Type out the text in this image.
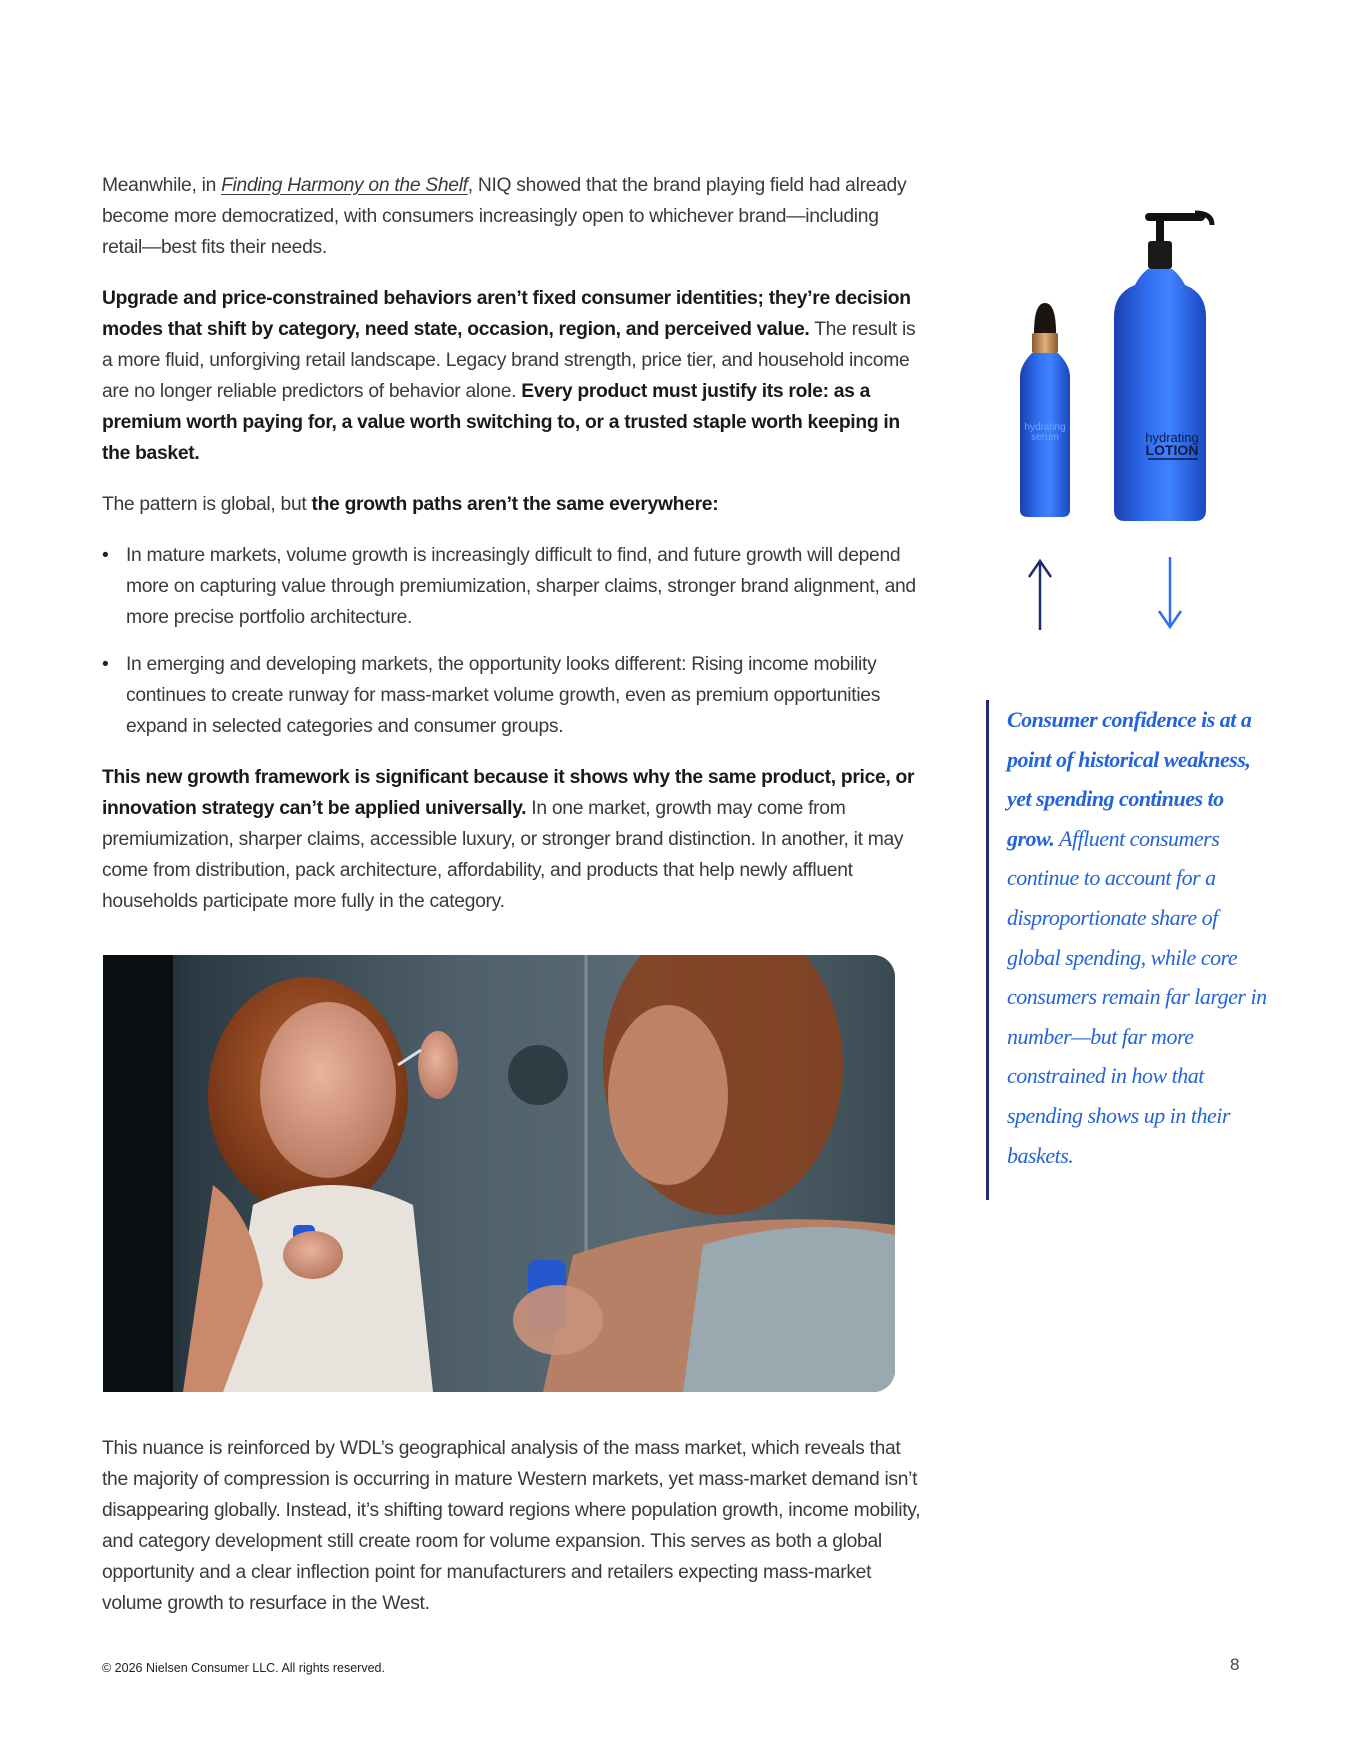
Meanwhile, in Finding Harmony on the Shelf, NIQ showed that the brand playing field had already become more democratized, with consumers increasingly open to whichever brand—including retail—best fits their needs.

Upgrade and price-constrained behaviors aren’t fixed consumer identities; they’re decision modes that shift by category, need state, occasion, region, and perceived value. The result is a more fluid, unforgiving retail landscape. Legacy brand strength, price tier, and household income are no longer reliable predictors of behavior alone. Every product must justify its role: as a premium worth paying for, a value worth switching to, or a trusted staple worth keeping in the basket.

The pattern is global, but the growth paths aren’t the same everywhere:

• In mature markets, volume growth is increasingly difficult to find, and future growth will depend more on capturing value through premiumization, sharper claims, stronger brand alignment, and more precise portfolio architecture.
• In emerging and developing markets, the opportunity looks different: Rising income mobility continues to create runway for mass-market volume growth, even as premium opportunities expand in selected categories and consumer groups.

This new growth framework is significant because it shows why the same product, price, or innovation strategy can’t be applied universally. In one market, growth may come from premiumization, sharper claims, accessible luxury, or stronger brand distinction. In another, it may come from distribution, pack architecture, affordability, and products that help newly affluent households participate more fully in the category.

This nuance is reinforced by WDL’s geographical analysis of the mass market, which reveals that the majority of compression is occurring in mature Western markets, yet mass-market demand isn’t disappearing globally. Instead, it’s shifting toward regions where population growth, income mobility, and category development still create room for volume expansion. This serves as both a global opportunity and a clear inflection point for manufacturers and retailers expecting mass-market volume growth to resurface in the West.
hydrating
serum	hydrating
LOTION
Consumer confidence is at a point of historical weakness, yet spending continues to grow. Affluent consumers continue to account for a disproportionate share of global spending, while core consumers remain far larger in number—but far more constrained in how that spending shows up in their baskets.
© 2026 Nielsen Consumer LLC. All rights reserved.	8
